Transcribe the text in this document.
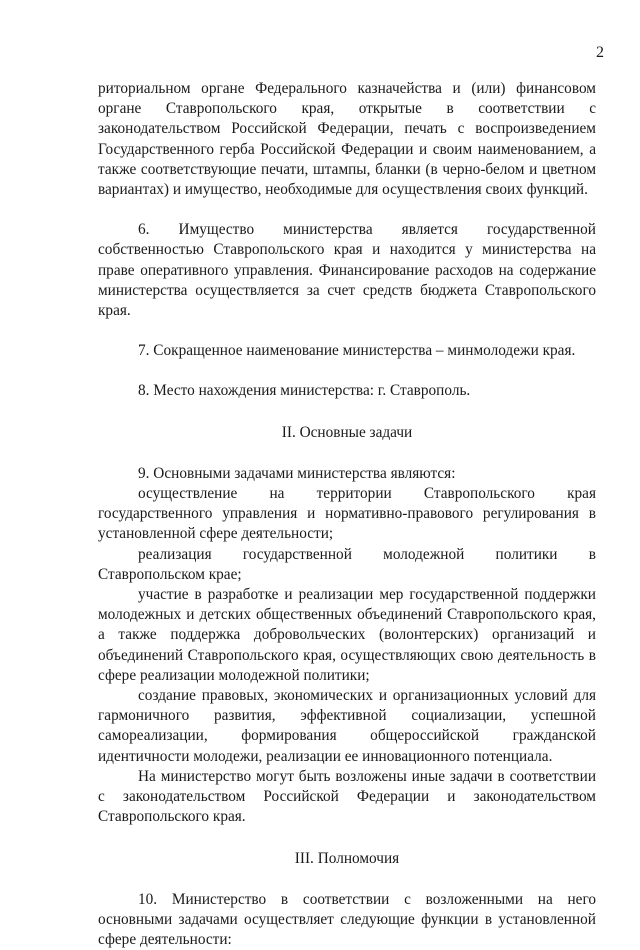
2

риториальном органе Федерального казначейства и (или) финансовом органе Ставропольского края, открытые в соответствии с законодательством Российской Федерации, печать с воспроизведением Государственного герба Российской Федерации и своим наименованием, а также соответствующие печати, штампы, бланки (в черно-белом и цветном вариантах) и имущество, необходимые для осуществления своих функций.

6. Имущество министерства является государственной собственностью Ставропольского края и находится у министерства на праве оперативного управления. Финансирование расходов на содержание министерства осуществляется за счет средств бюджета Ставропольского края.

7. Сокращенное наименование министерства – минмолодежи края.

8. Место нахождения министерства: г. Ставрополь.

II. Основные задачи

9. Основными задачами министерства являются:

осуществление на территории Ставропольского края государственного управления и нормативно-правового регулирования в установленной сфере деятельности;

реализация государственной молодежной политики в Ставропольском крае;

участие в разработке и реализации мер государственной поддержки молодежных и детских общественных объединений Ставропольского края, а также поддержка добровольческих (волонтерских) организаций и объединений Ставропольского края, осуществляющих свою деятельность в сфере реализации молодежной политики;

создание правовых, экономических и организационных условий для гармоничного развития, эффективной социализации, успешной самореализации, формирования общероссийской гражданской идентичности молодежи, реализации ее инновационного потенциала.

На министерство могут быть возложены иные задачи в соответствии с законодательством Российской Федерации и законодательством Ставропольского края.

III. Полномочия

10. Министерство в соответствии с возложенными на него основными задачами осуществляет следующие функции в установленной сфере деятельности:
